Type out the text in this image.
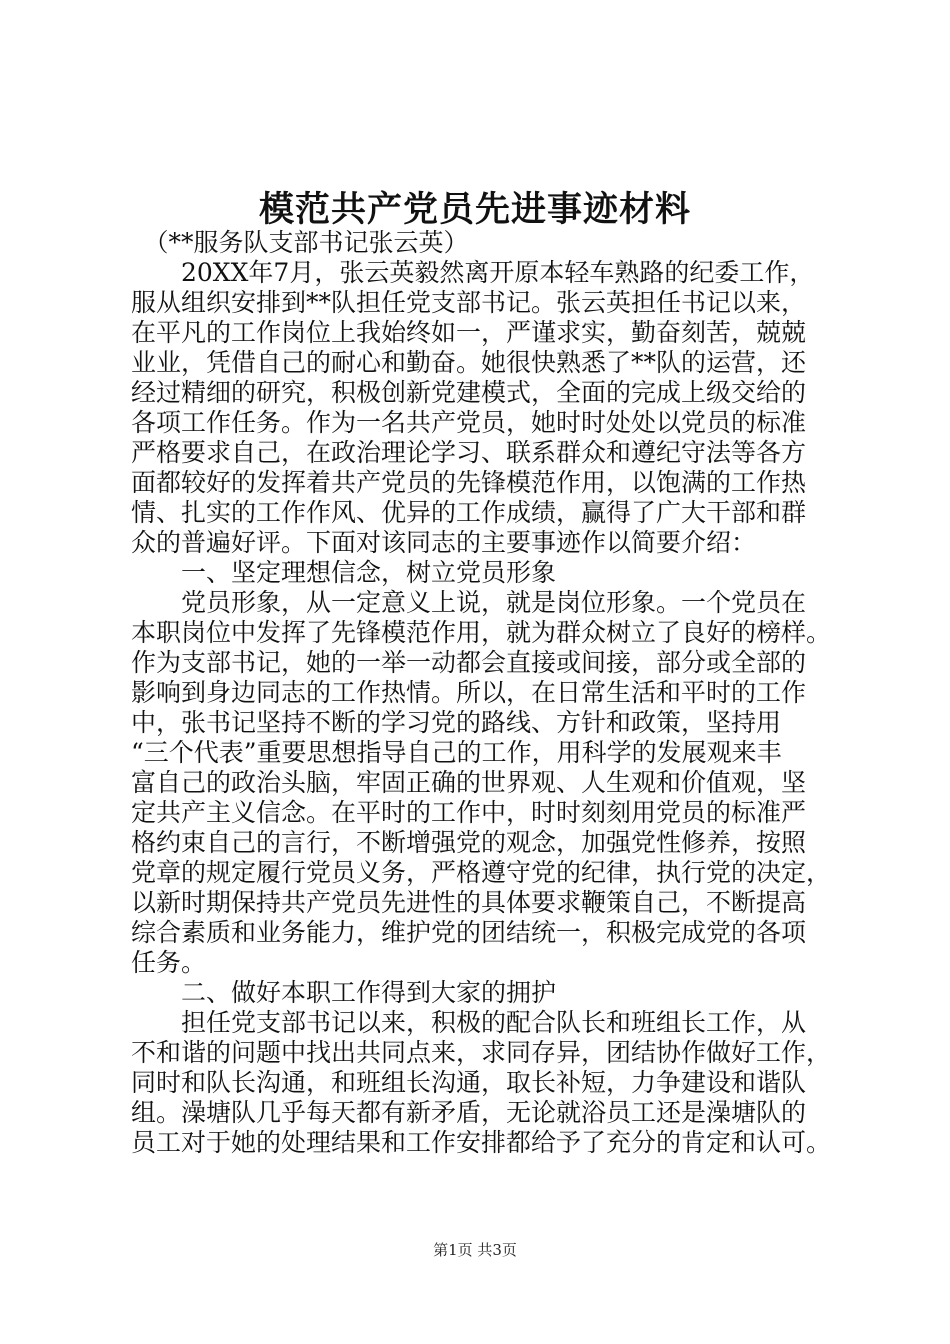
模范共产党员先进事迹材料
　（**服务队支部书记张云英）
　　20XX年7月，张云英毅然离开原本轻车熟路的纪委工作，
服从组织安排到**队担任党支部书记。张云英担任书记以来，
在平凡的工作岗位上我始终如一，严谨求实，勤奋刻苦，兢兢
业业，凭借自己的耐心和勤奋。她很快熟悉了**队的运营，还
经过精细的研究，积极创新党建模式，全面的完成上级交给的
各项工作任务。作为一名共产党员，她时时处处以党员的标准
严格要求自己，在政治理论学习、联系群众和遵纪守法等各方
面都较好的发挥着共产党员的先锋模范作用，以饱满的工作热
情、扎实的工作作风、优异的工作成绩，赢得了广大干部和群
众的普遍好评。下面对该同志的主要事迹作以简要介绍：
　　一、坚定理想信念，树立党员形象
　　党员形象，从一定意义上说，就是岗位形象。一个党员在
本职岗位中发挥了先锋模范作用，就为群众树立了良好的榜样。
作为支部书记，她的一举一动都会直接或间接，部分或全部的
影响到身边同志的工作热情。所以，在日常生活和平时的工作
中，张书记坚持不断的学习党的路线、方针和政策，坚持用
“三个代表”重要思想指导自己的工作，用科学的发展观来丰
富自己的政治头脑，牢固正确的世界观、人生观和价值观，坚
定共产主义信念。在平时的工作中，时时刻刻用党员的标准严
格约束自己的言行，不断增强党的观念，加强党性修养，按照
党章的规定履行党员义务，严格遵守党的纪律，执行党的决定，
以新时期保持共产党员先进性的具体要求鞭策自己，不断提高
综合素质和业务能力，维护党的团结统一，积极完成党的各项
任务。
　　二、做好本职工作得到大家的拥护
　　担任党支部书记以来，积极的配合队长和班组长工作，从
不和谐的问题中找出共同点来，求同存异，团结协作做好工作，
同时和队长沟通，和班组长沟通，取长补短，力争建设和谐队
组。澡塘队几乎每天都有新矛盾，无论就浴员工还是澡塘队的
员工对于她的处理结果和工作安排都给予了充分的肯定和认可。
第1页 共3页
